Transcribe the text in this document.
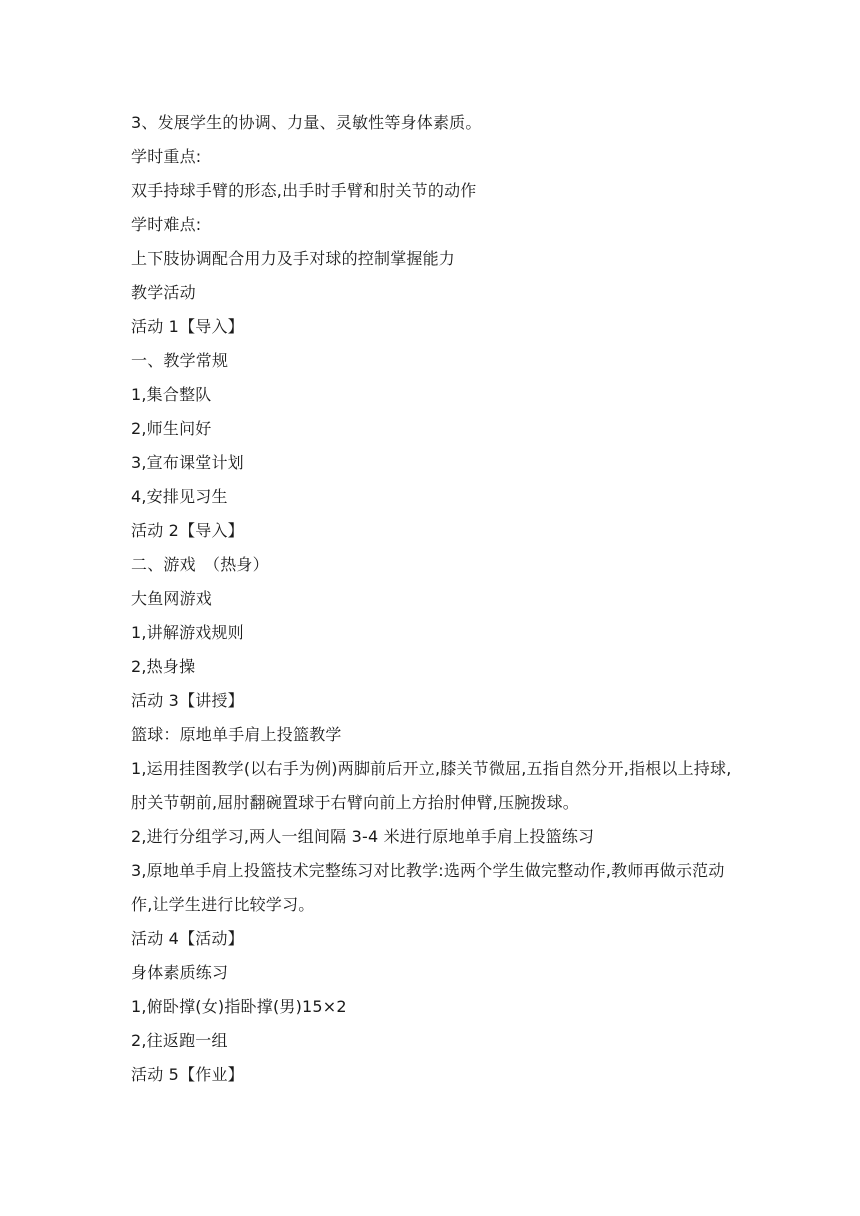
3、发展学生的协调、力量、灵敏性等身体素质。
学时重点:
双手持球手臂的形态,出手时手臂和肘关节的动作
学时难点:
上下肢协调配合用力及手对球的控制掌握能力
教学活动
活动 1【导入】
一、教学常规
1,集合整队
2,师生问好
3,宣布课堂计划
4,安排见习生
活动 2【导入】
二、游戏　（热身）
大鱼网游戏
1,讲解游戏规则
2,热身操
活动 3【讲授】
篮球：原地单手肩上投篮教学
1,运用挂图教学(以右手为例)两脚前后开立,膝关节微屈,五指自然分开,指根以上持球,肘关节朝前,屈肘翻碗置球于右臂向前上方抬肘伸臂,压腕拨球。
2,进行分组学习,两人一组间隔 3-4 米进行原地单手肩上投篮练习
3,原地单手肩上投篮技术完整练习对比教学:选两个学生做完整动作,教师再做示范动作,让学生进行比较学习。
活动 4【活动】
身体素质练习
1,俯卧撑(女)指卧撑(男)15×2
2,往返跑一组
活动 5【作业】
